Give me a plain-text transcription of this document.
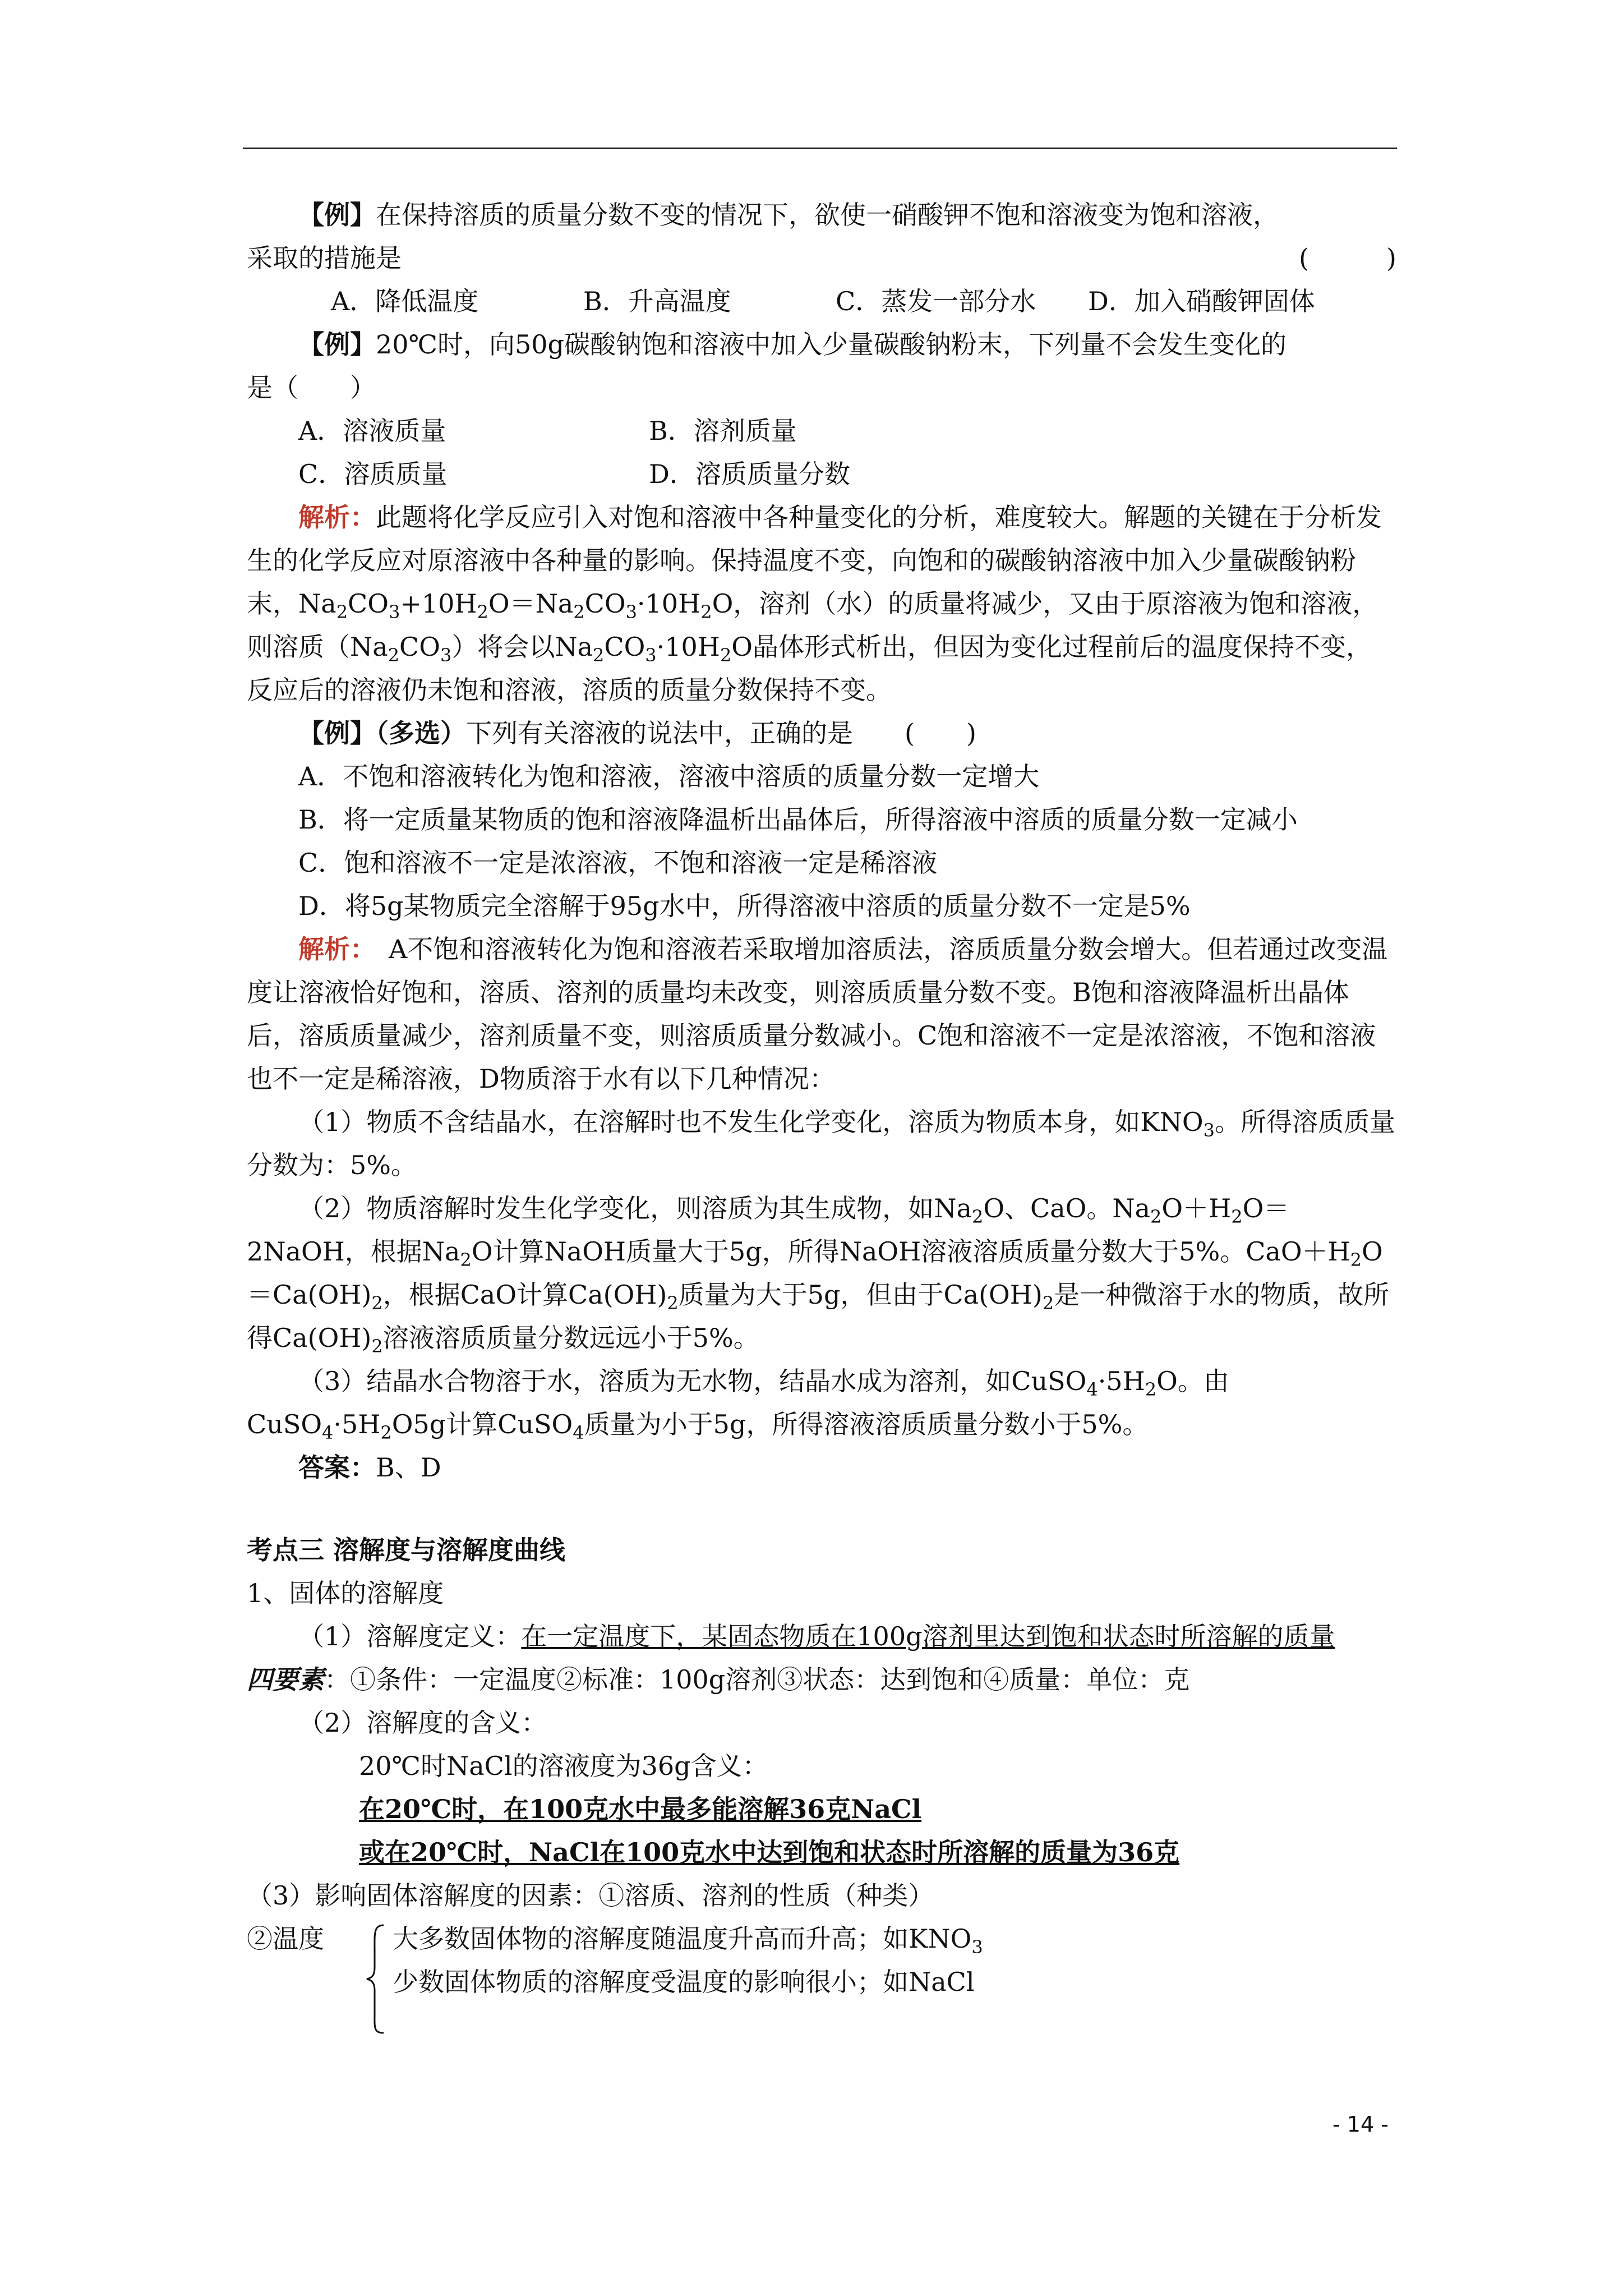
【例】在保持溶质的质量分数不变的情况下，欲使一硝酸钾不饱和溶液变为饱和溶液，

采取的措施是	(　　　)

A．降低温度	B．升高温度	C．蒸发一部分水 D．加入硝酸钾固体

【例】20℃时，向50g碳酸钠饱和溶液中加入少量碳酸钠粉末，下列量不会发生变化的

是（　　）

A．溶液质量	B．溶剂质量

C．溶质质量	D．溶质质量分数

解析：此题将化学反应引入对饱和溶液中各种量变化的分析，难度较大。解题的关键在于分析发生的化学反应对原溶液中各种量的影响。保持温度不变，向饱和的碳酸钠溶液中加入少量碳酸钠粉末，$Na_2CO_3+10H_2O=Na_2CO_3\cdot 10H_2O$，溶剂（水）的质量将减少，又由于原溶液为饱和溶液，则溶质$(Na_2CO_3)$将会以$Na_2CO_3\cdot 10H_2O$晶体形式析出，但因为变化过程前后的温度保持不变，反应后的溶液仍未饱和溶液，溶质的质量分数保持不变。

【例】（多选）下列有关溶液的说法中，正确的是　　(　　)

A．不饱和溶液转化为饱和溶液，溶液中溶质的质量分数一定增大

B．将一定质量某物质的饱和溶液降温析出晶体后，所得溶液中溶质的质量分数一定减小

C．饱和溶液不一定是浓溶液，不饱和溶液一定是稀溶液

D．将5g某物质完全溶解于95g水中，所得溶液中溶质的质量分数不一定是5%

解析：　A不饱和溶液转化为饱和溶液若采取增加溶质法，溶质质量分数会增大。但若通过改变温度让溶液恰好饱和，溶质、溶剂的质量均未改变，则溶质质量分数不变。B饱和溶液降温析出晶体后，溶质质量减少，溶剂质量不变，则溶质质量分数减小。C饱和溶液不一定是浓溶液，不饱和溶液也不一定是稀溶液，D物质溶于水有以下几种情况：

（1）物质不含结晶水，在溶解时也不发生化学变化，溶质为物质本身，如$KNO_3$。所得溶质质量分数为：5%。

（2）物质溶解时发生化学变化，则溶质为其生成物，如$Na_2O$、CaO。$Na_2O+H_2O=2NaOH$，根据$Na_2O$计算NaOH质量大于5g，所得NaOH溶液溶质质量分数大于5%。$CaO+H_2O=Ca(OH)_2$，根据CaO计算$Ca(OH)_2$质量为大于5g，但由于$Ca(OH)_2$是一种微溶于水的物质，故所得$Ca(OH)_2$溶液溶质质量分数远远小于5%。

（3）结晶水合物溶于水，溶质为无水物，结晶水成为溶剂，如$CuSO_4\cdot 5H_2O$。由$CuSO_4\cdot 5H_2O5g$计算CuSO$_4$质量为小于5g，所得溶液溶质质量分数小于5%。

答案：B、D

考点三 溶解度与溶解度曲线

1、固体的溶解度

（1）溶解度定义：在一定温度下，某固态物质在100g溶剂里达到饱和状态时所溶解的质量

四要素：①条件：一定温度②标准：100g溶剂③状态：达到饱和④质量：单位：克

（2）溶解度的含义：

20℃时NaCl的溶液度为36g含义：

在20℃时，在100克水中最多能溶解36克NaCl

或在20℃时，NaCl在100克水中达到饱和状态时所溶解的质量为36克

（3）影响固体溶解度的因素：①溶质、溶剂的性质（种类）

②温度	大多数固体物的溶解度随温度升高而升高；如$KNO_3$

少数固体物质的溶解度受温度的影响很小；如NaCl

- 14 -
